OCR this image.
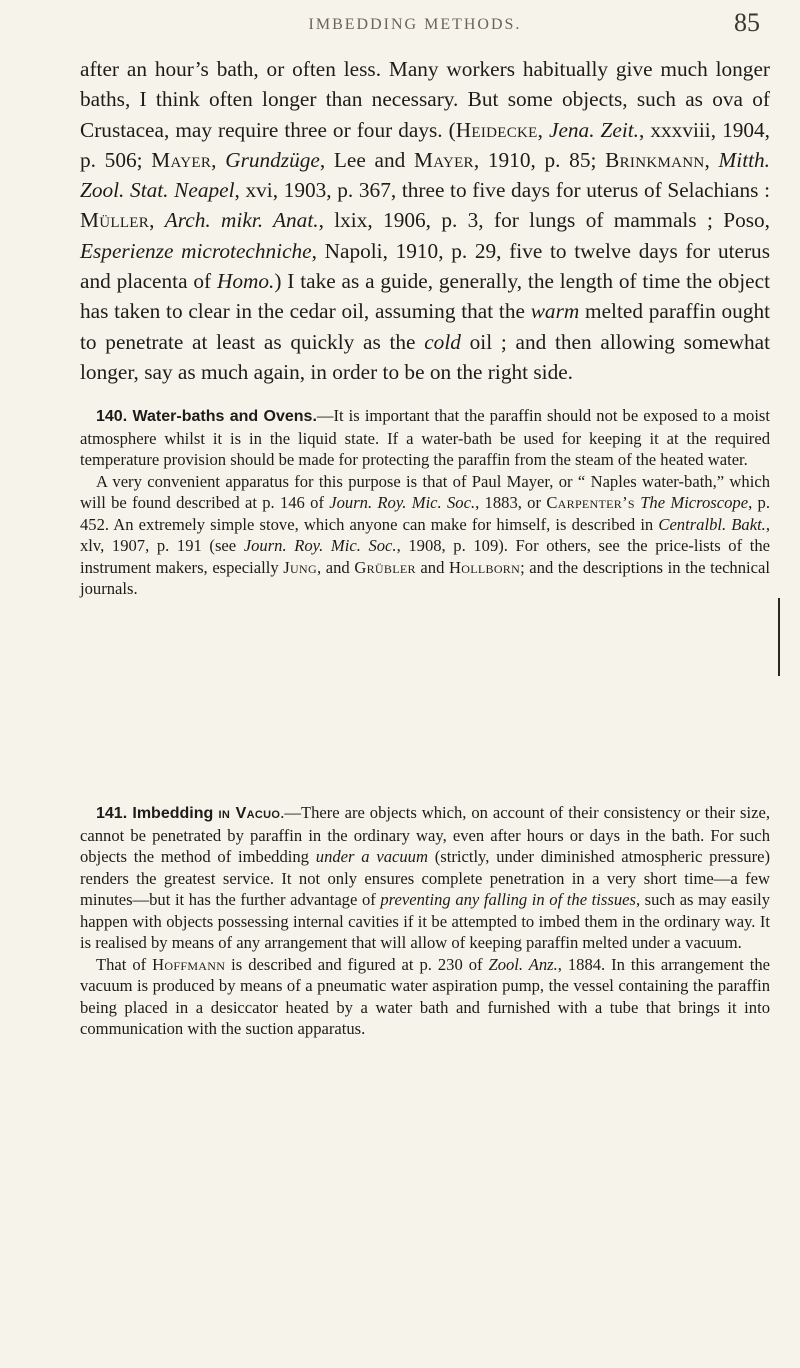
IMBEDDING METHODS.	85

after an hour’s bath, or often less. Many workers habitually give much longer baths, I think often longer than necessary. But some objects, such as ova of Crustacea, may require three or four days. (Heidecke, Jena. Zeit., xxxviii, 1904, p. 506; Mayer, Grundzüge, Lee and Mayer, 1910, p. 85; Brinkmann, Mitth. Zool. Stat. Neapel, xvi, 1903, p. 367, three to five days for uterus of Selachians : Müller, Arch. mikr. Anat., lxix, 1906, p. 3, for lungs of mammals ; Poso, Esperienze microtechniche, Napoli, 1910, p. 29, five to twelve days for uterus and placenta of Homo.) I take as a guide, generally, the length of time the object has taken to clear in the cedar oil, assuming that the warm melted paraffin ought to penetrate at least as quickly as the cold oil ; and then allowing somewhat longer, say as much again, in order to be on the right side.

140. Water-baths and Ovens.—It is important that the paraffin should not be exposed to a moist atmosphere whilst it is in the liquid state. If a water-bath be used for keeping it at the required temperature provision should be made for protecting the paraffin from the steam of the heated water.

A very convenient apparatus for this purpose is that of Paul Mayer, or “ Naples water-bath,” which will be found described at p. 146 of Journ. Roy. Mic. Soc., 1883, or Carpenter’s The Microscope, p. 452. An extremely simple stove, which anyone can make for himself, is described in Centralbl. Bakt., xlv, 1907, p. 191 (see Journ. Roy. Mic. Soc., 1908, p. 109). For others, see the price-lists of the instrument makers, especially Jung, and Grübler and Hollborn; and the descriptions in the technical journals.

141. Imbedding in Vacuo.—There are objects which, on account of their consistency or their size, cannot be penetrated by paraffin in the ordinary way, even after hours or days in the bath. For such objects the method of imbedding under a vacuum (strictly, under diminished atmospheric pressure) renders the greatest service. It not only ensures complete penetration in a very short time—a few minutes—but it has the further advantage of preventing any falling in of the tissues, such as may easily happen with objects possessing internal cavities if it be attempted to imbed them in the ordinary way. It is realised by means of any arrangement that will allow of keeping paraffin melted under a vacuum.

That of Hoffmann is described and figured at p. 230 of Zool. Anz., 1884. In this arrangement the vacuum is produced by means of a pneumatic water aspiration pump, the vessel containing the paraffin being placed in a desiccator heated by a water bath and furnished with a tube that brings it into communication with the suction apparatus.
